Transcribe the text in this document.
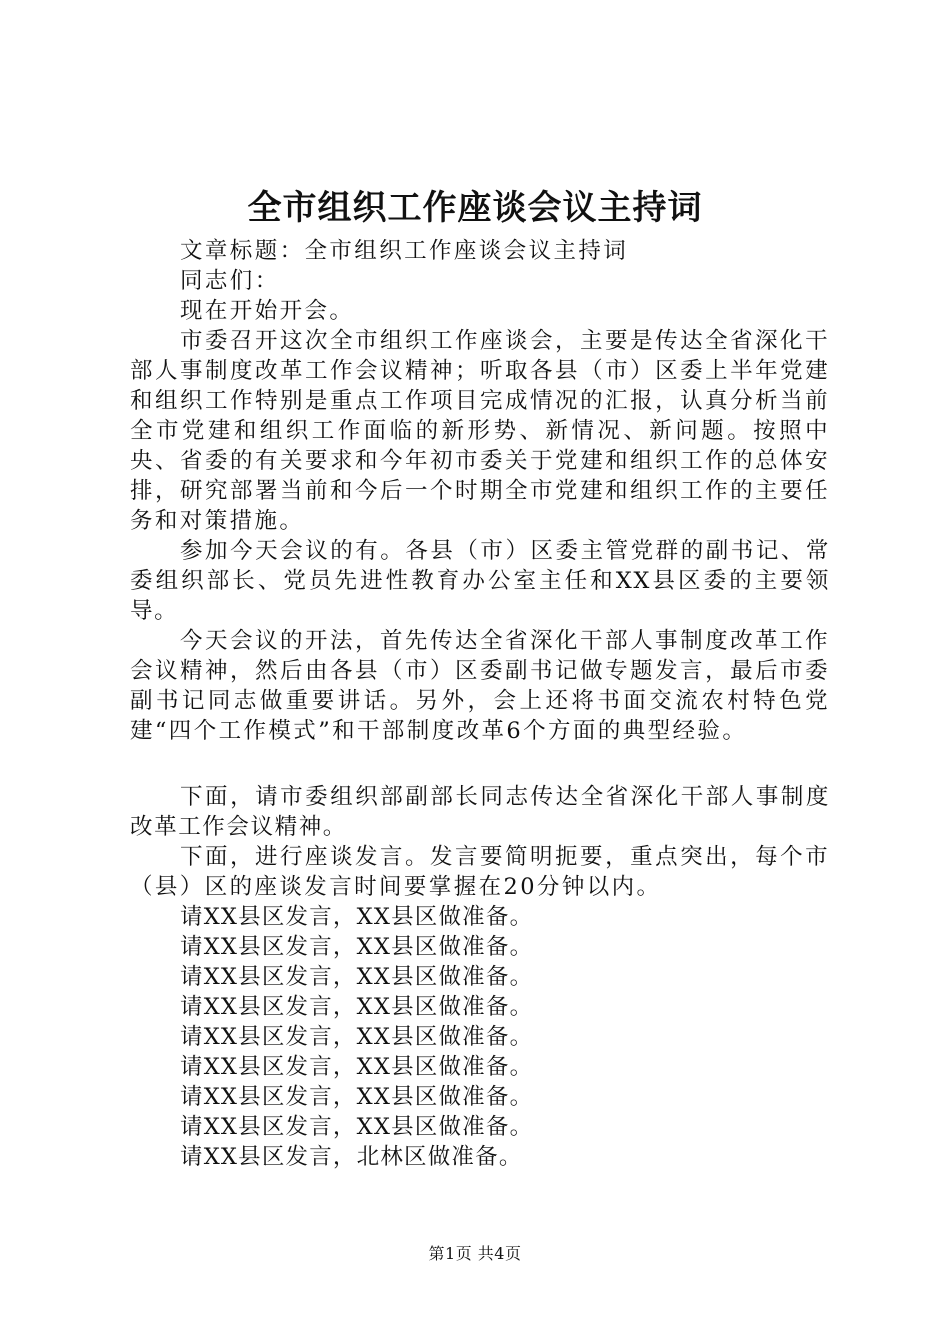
全市组织工作座谈会议主持词

文章标题：全市组织工作座谈会议主持词

同志们：

现在开始开会。

市委召开这次全市组织工作座谈会，主要是传达全省深化干部人事制度改革工作会议精神；听取各县（市）区委上半年党建和组织工作特别是重点工作项目完成情况的汇报，认真分析当前全市党建和组织工作面临的新形势、新情况、新问题。按照中央、省委的有关要求和今年初市委关于党建和组织工作的总体安排，研究部署当前和今后一个时期全市党建和组织工作的主要任务和对策措施。

参加今天会议的有。各县（市）区委主管党群的副书记、常委组织部长、党员先进性教育办公室主任和XX县区委的主要领导。

今天会议的开法，首先传达全省深化干部人事制度改革工作会议精神，然后由各县（市）区委副书记做专题发言，最后市委副书记同志做重要讲话。另外，会上还将书面交流农村特色党建“四个工作模式”和干部制度改革6个方面的典型经验。

下面，请市委组织部副部长同志传达全省深化干部人事制度改革工作会议精神。

下面，进行座谈发言。发言要简明扼要，重点突出，每个市（县）区的座谈发言时间要掌握在20分钟以内。

请XX县区发言，XX县区做准备。

请XX县区发言，XX县区做准备。

请XX县区发言，XX县区做准备。

请XX县区发言，XX县区做准备。

请XX县区发言，XX县区做准备。

请XX县区发言，XX县区做准备。

请XX县区发言，XX县区做准备。

请XX县区发言，XX县区做准备。

请XX县区发言，北林区做准备。

第1页 共4页
